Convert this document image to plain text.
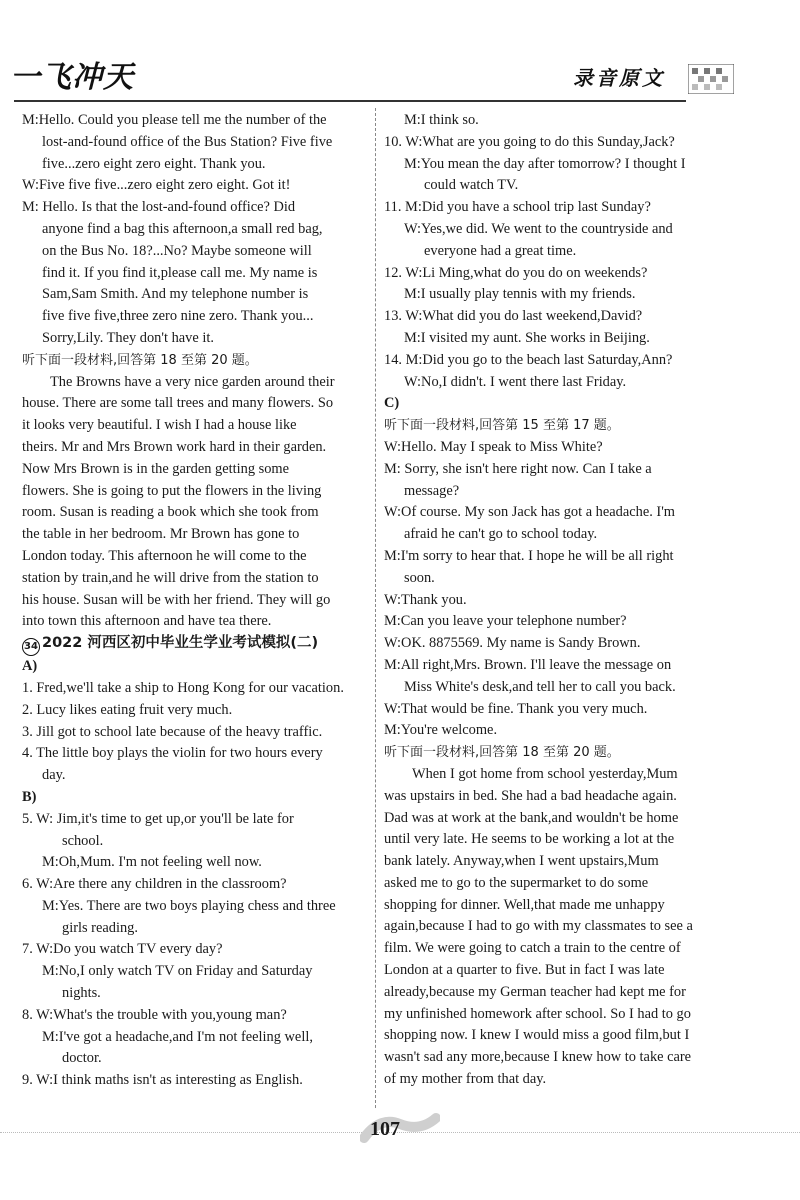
一飞冲天	录音原文
M:Hello. Could you please tell me the number of the
lost-and-found office of the Bus Station? Five five
five...zero eight zero eight. Thank you.
W:Five five five...zero eight zero eight. Got it!
M: Hello. Is that the lost-and-found office? Did
anyone find a bag this afternoon,a small red bag,
on the Bus No. 18?...No? Maybe someone will
find it. If you find it,please call me. My name is
Sam,Sam Smith. And my telephone number is
five five five,three zero nine zero. Thank you...
Sorry,Lily. They don't have it.
听下面一段材料,回答第 18 至第 20 题。
The Browns have a very nice garden around their
house. There are some tall trees and many flowers. So
it looks very beautiful. I wish I had a house like
theirs. Mr and Mrs Brown work hard in their garden.
Now Mrs Brown is in the garden getting some
flowers. She is going to put the flowers in the living
room. Susan is reading a book which she took from
the table in her bedroom. Mr Brown has gone to
London today. This afternoon he will come to the
station by train,and he will drive from the station to
his house. Susan will be with her friend. They will go
into town this afternoon and have tea there.
34 2022 河西区初中毕业生学业考试模拟(二)
A)
1. Fred,we'll take a ship to Hong Kong for our vacation.
2. Lucy likes eating fruit very much.
3. Jill got to school late because of the heavy traffic.
4. The little boy plays the violin for two hours every
day.
B)
5. W: Jim,it's time to get up,or you'll be late for
school.
M:Oh,Mum. I'm not feeling well now.
6. W:Are there any children in the classroom?
M:Yes. There are two boys playing chess and three
girls reading.
7. W:Do you watch TV every day?
M:No,I only watch TV on Friday and Saturday
nights.
8. W:What's the trouble with you,young man?
M:I've got a headache,and I'm not feeling well,
doctor.
9. W:I think maths isn't as interesting as English.
M:I think so.
10. W:What are you going to do this Sunday,Jack?
M:You mean the day after tomorrow? I thought I
could watch TV.
11. M:Did you have a school trip last Sunday?
W:Yes,we did. We went to the countryside and
everyone had a great time.
12. W:Li Ming,what do you do on weekends?
M:I usually play tennis with my friends.
13. W:What did you do last weekend,David?
M:I visited my aunt. She works in Beijing.
14. M:Did you go to the beach last Saturday,Ann?
W:No,I didn't. I went there last Friday.
C)
听下面一段材料,回答第 15 至第 17 题。
W:Hello. May I speak to Miss White?
M: Sorry, she isn't here right now. Can I take a
message?
W:Of course. My son Jack has got a headache. I'm
afraid he can't go to school today.
M:I'm sorry to hear that. I hope he will be all right
soon.
W:Thank you.
M:Can you leave your telephone number?
W:OK. 8875569. My name is Sandy Brown.
M:All right,Mrs. Brown. I'll leave the message on
Miss White's desk,and tell her to call you back.
W:That would be fine. Thank you very much.
M:You're welcome.
听下面一段材料,回答第 18 至第 20 题。
When I got home from school yesterday,Mum
was upstairs in bed. She had a bad headache again.
Dad was at work at the bank,and wouldn't be home
until very late. He seems to be working a lot at the
bank lately. Anyway,when I went upstairs,Mum
asked me to go to the supermarket to do some
shopping for dinner. Well,that made me unhappy
again,because I had to go with my classmates to see a
film. We were going to catch a train to the centre of
London at a quarter to five. But in fact I was late
already,because my German teacher had kept me for
my unfinished homework after school. So I had to go
shopping now. I knew I would miss a good film,but I
wasn't sad any more,because I knew how to take care
of my mother from that day.
107
